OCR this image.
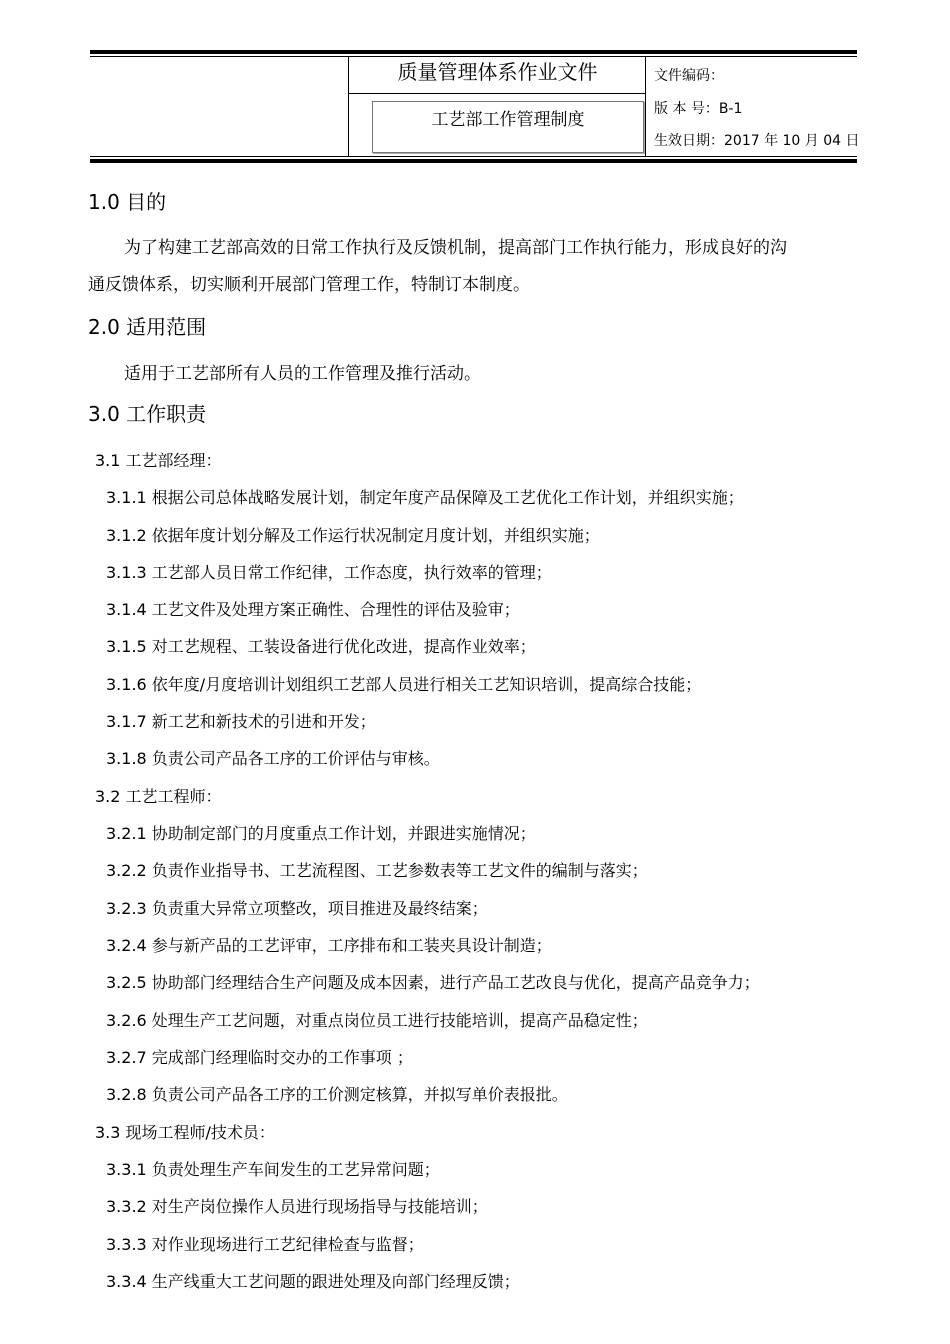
质量管理体系作业文件
工艺部工作管理制度
文件编码：
版 本 号：B-1
生效日期：2017 年 10 月 04 日
1.0 目的
为了构建工艺部高效的日常工作执行及反馈机制，提高部门工作执行能力，形成良好的沟
通反馈体系，切实顺利开展部门管理工作，特制订本制度。
2.0 适用范围
适用于工艺部所有人员的工作管理及推行活动。
3.0 工作职责
3.1 工艺部经理：
3.1.1 根据公司总体战略发展计划，制定年度产品保障及工艺优化工作计划，并组织实施；
3.1.2 依据年度计划分解及工作运行状况制定月度计划，并组织实施；
3.1.3 工艺部人员日常工作纪律，工作态度，执行效率的管理；
3.1.4 工艺文件及处理方案正确性、合理性的评估及验审；
3.1.5 对工艺规程、工装设备进行优化改进，提高作业效率；
3.1.6 依年度/月度培训计划组织工艺部人员进行相关工艺知识培训，提高综合技能；
3.1.7 新工艺和新技术的引进和开发；
3.1.8 负责公司产品各工序的工价评估与审核。
3.2 工艺工程师：
3.2.1 协助制定部门的月度重点工作计划，并跟进实施情况；
3.2.2 负责作业指导书、工艺流程图、工艺参数表等工艺文件的编制与落实；
3.2.3 负责重大异常立项整改，项目推进及最终结案；
3.2.4 参与新产品的工艺评审，工序排布和工装夹具设计制造；
3.2.5 协助部门经理结合生产问题及成本因素，进行产品工艺改良与优化，提高产品竞争力；
3.2.6 处理生产工艺问题，对重点岗位员工进行技能培训，提高产品稳定性；
3.2.7 完成部门经理临时交办的工作事项 ；
3.2.8 负责公司产品各工序的工价测定核算，并拟写单价表报批。
3.3 现场工程师/技术员：
3.3.1 负责处理生产车间发生的工艺异常问题；
3.3.2 对生产岗位操作人员进行现场指导与技能培训；
3.3.3 对作业现场进行工艺纪律检查与监督；
3.3.4 生产线重大工艺问题的跟进处理及向部门经理反馈；
